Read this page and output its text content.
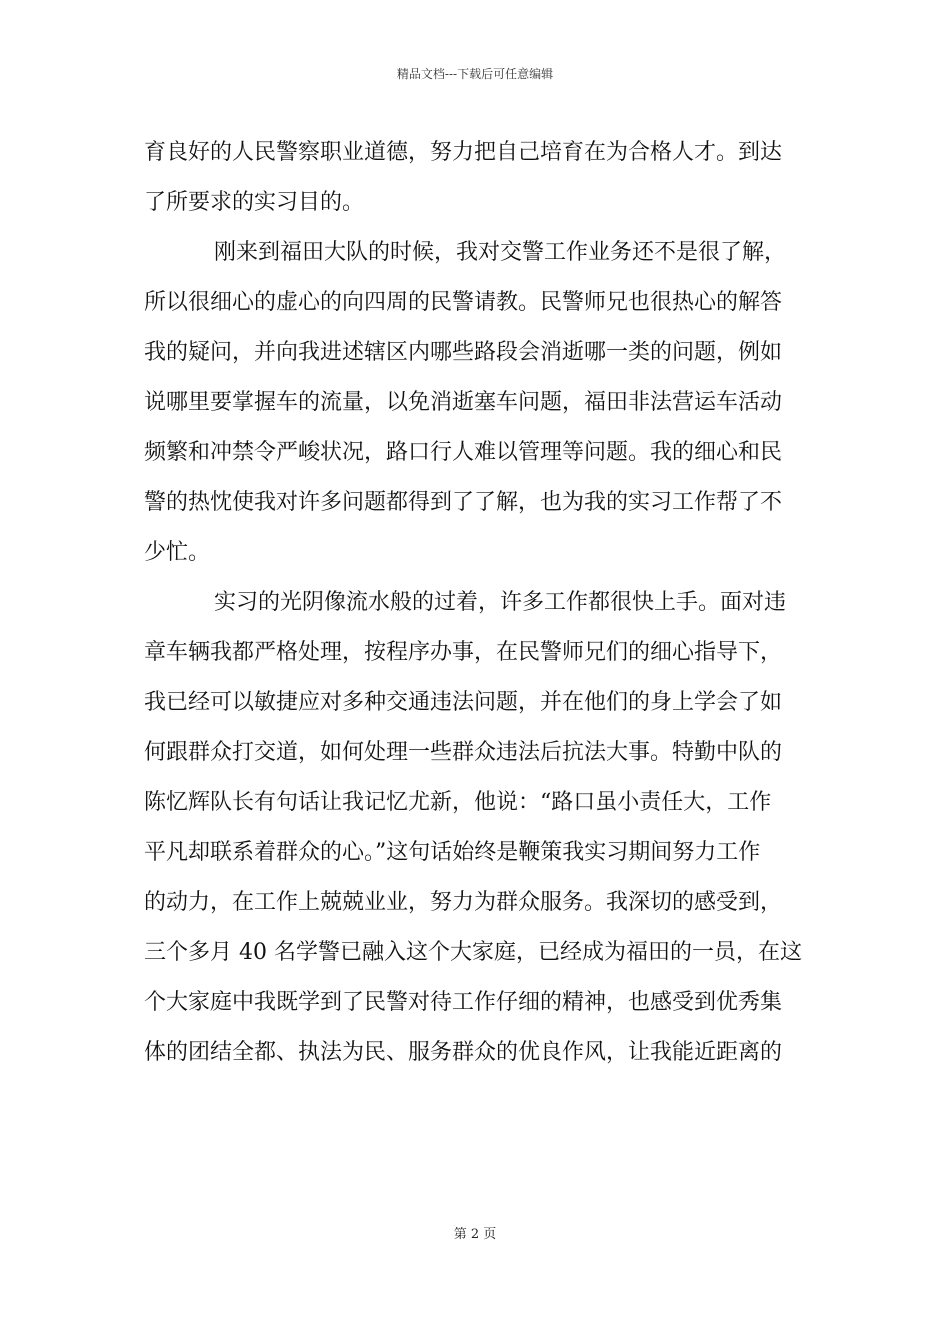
精品文档---下载后可任意编辑
育良好的人民警察职业道德，努力把自己培育在为合格人才。到达
了所要求的实习目的。
刚来到福田大队的时候，我对交警工作业务还不是很了解，
所以很细心的虚心的向四周的民警请教。民警师兄也很热心的解答
我的疑问，并向我进述辖区内哪些路段会消逝哪一类的问题，例如
说哪里要掌握车的流量，以免消逝塞车问题，福田非法营运车活动
频繁和冲禁令严峻状况，路口行人难以管理等问题。我的细心和民
警的热忱使我对许多问题都得到了了解，也为我的实习工作帮了不
少忙。
实习的光阴像流水般的过着，许多工作都很快上手。面对违
章车辆我都严格处理，按程序办事，在民警师兄们的细心指导下，
我已经可以敏捷应对多种交通违法问题，并在他们的身上学会了如
何跟群众打交道，如何处理一些群众违法后抗法大事。特勤中队的
陈忆辉队长有句话让我记忆尤新，他说：“路口虽小责任大，工作
平凡却联系着群众的心。”这句话始终是鞭策我实习期间努力工作
的动力，在工作上兢兢业业，努力为群众服务。我深切的感受到，
三个多月 40 名学警已融入这个大家庭，已经成为福田的一员，在这
个大家庭中我既学到了民警对待工作仔细的精神，也感受到优秀集
体的团结全都、执法为民、服务群众的优良作风，让我能近距离的
第 2 页
